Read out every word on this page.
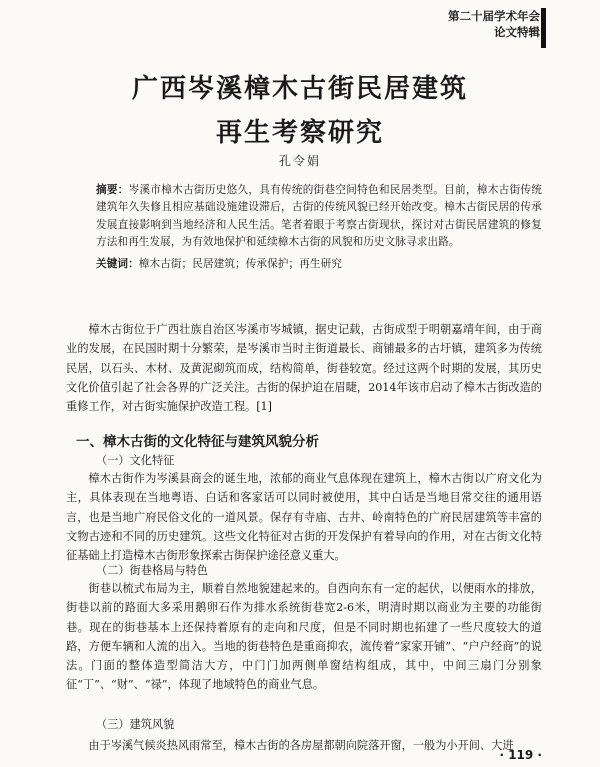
第二十届学术年会
论文特辑
广西岑溪樟木古街民居建筑
再生考察研究
孔令娟
摘要：岑溪市樟木古街历史悠久，具有传统的街巷空间特色和民居类型。目前，樟木古街传统建筑年久失修且相应基础设施建设滞后，古街的传统风貌已经开始改变。樟木古街民居的传承发展直接影响到当地经济和人民生活。笔者着眼于考察古街现状，探讨对古街民居建筑的修复方法和再生发展，为有效地保护和延续樟木古街的风貌和历史文脉寻求出路。
关键词：樟木古街；民居建筑；传承保护；再生研究
樟木古街位于广西壮族自治区岑溪市岑城镇，据史记载，古街成型于明朝嘉靖年间，由于商业的发展，在民国时期十分繁荣，是岑溪市当时主街道最长、商铺最多的古圩镇，建筑多为传统民居，以石头、木材、及黄泥砌筑而成，结构简单，街巷较宽。经过这两个时期的发展，其历史文化价值引起了社会各界的广泛关注。古街的保护迫在眉睫，2014年该市启动了樟木古街改造的重修工作，对古街实施保护改造工程。[1]
一、樟木古街的文化特征与建筑风貌分析
（一）文化特征
樟木古街作为岑溪县商会的诞生地，浓郁的商业气息体现在建筑上，樟木古街以广府文化为主，具体表现在当地粤语、白话和客家话可以同时被使用，其中白话是当地目常交往的通用语言，也是当地广府民俗文化的一道风景。保存有寺庙、古井、岭南特色的广府民居建筑等丰富的文物古迹和不同的历史建筑。这些文化特征对古街的开发保护有着导向的作用，对在古街文化特征基础上打造樟木古街形象探索古街保护途径意义重大。
（二）街巷格局与特色
街巷以梳式布局为主，顺着自然地貌建起来的。自西向东有一定的起伏，以便雨水的排放，街巷以前的路面大多采用鹅卵石作为排水系统街巷宽2-6米，明清时期以商业为主要的功能街巷。现在的街巷基本上还保持着原有的走向和尺度，但是不同时期也拓建了一些尺度较大的道路，方便车辆和人流的出入。当地的街巷特色是重商抑农，流传着“家家开铺”、“户户经商”的说法。门面的整体造型简洁大方，中门门加两侧单窗结构组成，其中，中间三扇门分别象征“丁”、“财”、“禄”，体现了地域特色的商业气息。
（三）建筑风貌
由于岑溪气候炎热风雨常至，樟木古街的各房屋都朝向院落开窗，一般为小开间、大进
· 119 ·
